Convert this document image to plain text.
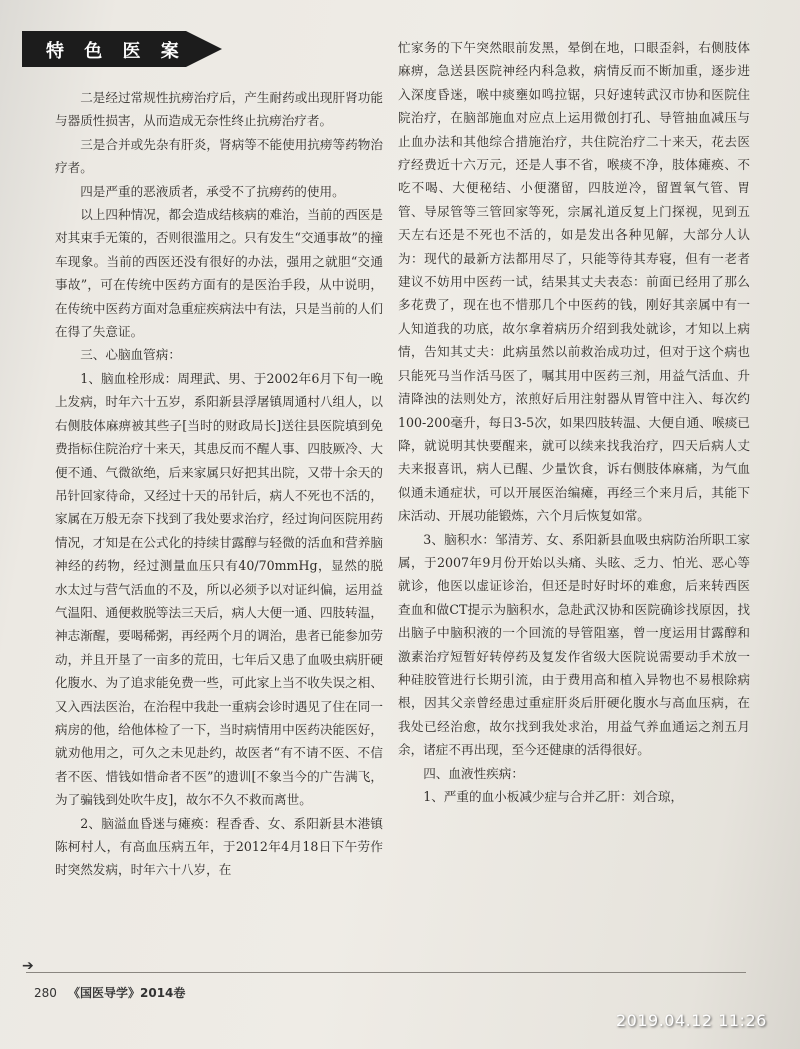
特 色 医 案

二是经过常规性抗痨治疗后，产生耐药或出现肝肾功能与器质性损害，从而造成无奈性终止抗痨治疗者。

三是合并或先杂有肝炎，肾病等不能使用抗痨等药物治疗者。

四是严重的恶液质者，承受不了抗痨药的使用。

以上四种情况，都会造成结核病的难治，当前的西医是对其束手无策的，否则很滥用之。只有发生“交通事故”的撞车现象。当前的西医还没有很好的办法，强用之就胆“交通事故”，可在传统中医药方面有的是医治手段，从中说明，在传统中医药方面对急重症疾病法中有法，只是当前的人们在得了失意证。

三、心脑血管病：

1、脑血栓形成：周理武、男、于2002年6月下旬一晚上发病，时年六十五岁，系阳新县浮屠镇周通村八组人，以右侧肢体麻痹被其些子[当时的财政局长]送往县医院填到免费指标住院治疗十来天，其患反而不醒人事、四肢厥冷、大便不通、气微欲绝，后来家属只好把其出院，又带十余天的吊针回家待命，又经过十天的吊针后，病人不死也不活的，家属在万般无奈下找到了我处要求治疗，经过询问医院用药情况，才知是在公式化的持续甘露醇与轻微的活血和营养脑神经的药物，经过测量血压只有40/70mmHg，显然的脱水太过与营气活血的不及，所以必须予以对证纠偏，运用益气温阳、通便救脱等法三天后，病人大便一通、四肢转温，神志渐醒，要喝稀粥，再经两个月的调治，患者已能参加劳动，并且开垦了一亩多的荒田，七年后又患了血吸虫病肝硬化腹水、为了追求能免费一些，可此家上当不收失误之相、又入西法医治，在治程中我赴一重病会诊时遇见了住在同一病房的他，给他体检了一下，当时病情用中医药决能医好，就劝他用之，可久之未见赴约，故医者“有不请不医、不信者不医、惜钱如惜命者不医”的遗训[不象当今的广告满飞，为了骗钱到处吹牛皮]，故尔不久不救而离世。

2、脑溢血昏迷与瘫痪：程香香、女、系阳新县木港镇陈柯村人，有高血压病五年，于2012年4月18日下午劳作时突然发病，时年六十八岁，在

忙家务的下午突然眼前发黑，晕倒在地，口眼歪斜，右侧肢体麻痹，急送县医院神经内科急救，病情反而不断加重，逐步进入深度昏迷，喉中痰壅如鸣拉锯，只好速转武汉市协和医院住院治疗，在脑部施血对应点上运用微创打孔、导管抽血减压与止血办法和其他综合措施治疗，共住院治疗二十来天，花去医疗经费近十六万元，还是人事不省，喉痰不净，肢体瘫痪、不吃不喝、大便秘结、小便潴留，四肢逆冷，留置氧气管、胃管、导尿管等三管回家等死，宗属礼道反复上门探视，见到五天左右还是不死也不活的，如是发出各种见解，大部分人认为：现代的最新方法都用尽了，只能等待其寿寝，但有一老者建议不妨用中医药一试，结果其丈夫表态：前面已经用了那么多花费了，现在也不惜那几个中医药的钱，刚好其亲属中有一人知道我的功底，故尔拿着病历介绍到我处就诊，才知以上病情，告知其丈夫：此病虽然以前救治成功过，但对于这个病也只能死马当作活马医了，嘱其用中医药三剂，用益气活血、升清降浊的法则处方，浓煎好后用注射器从胃管中注入、每次约100-200毫升，每日3-5次，如果四肢转温、大便自通、喉痰已降，就说明其快要醒来，就可以续来找我治疗，四天后病人丈夫来报喜讯，病人已醒、少量饮食，诉右侧肢体麻痛，为气血似通未通症状，可以开展医治编瘫，再经三个来月后，其能下床活动、开展功能锻炼，六个月后恢复如常。

3、脑积水：邹清芳、女、系阳新县血吸虫病防治所职工家属，于2007年9月份开始以头痛、头眩、乏力、怕光、恶心等就诊，他医以虚证诊治，但还是时好时坏的难愈，后来转西医查血和做CT提示为脑积水，急赴武汉协和医院确诊找原因，找出脑子中脑积液的一个回流的导管阻塞，曾一度运用甘露醇和激素治疗短暂好转停药及复发作省级大医院说需要动手术放一种硅胶管进行长期引流，由于费用高和植入异物也不易根除病根，因其父亲曾经患过重症肝炎后肝硬化腹水与高血压病，在我处已经治愈，故尔找到我处求治，用益气养血通运之剂五月余，诸症不再出现，至今还健康的活得很好。

四、血液性疾病：

1、严重的血小板减少症与合并乙肝：刘合琼，

➔
280 《国医导学》2014卷
2019.04.12 11:26
